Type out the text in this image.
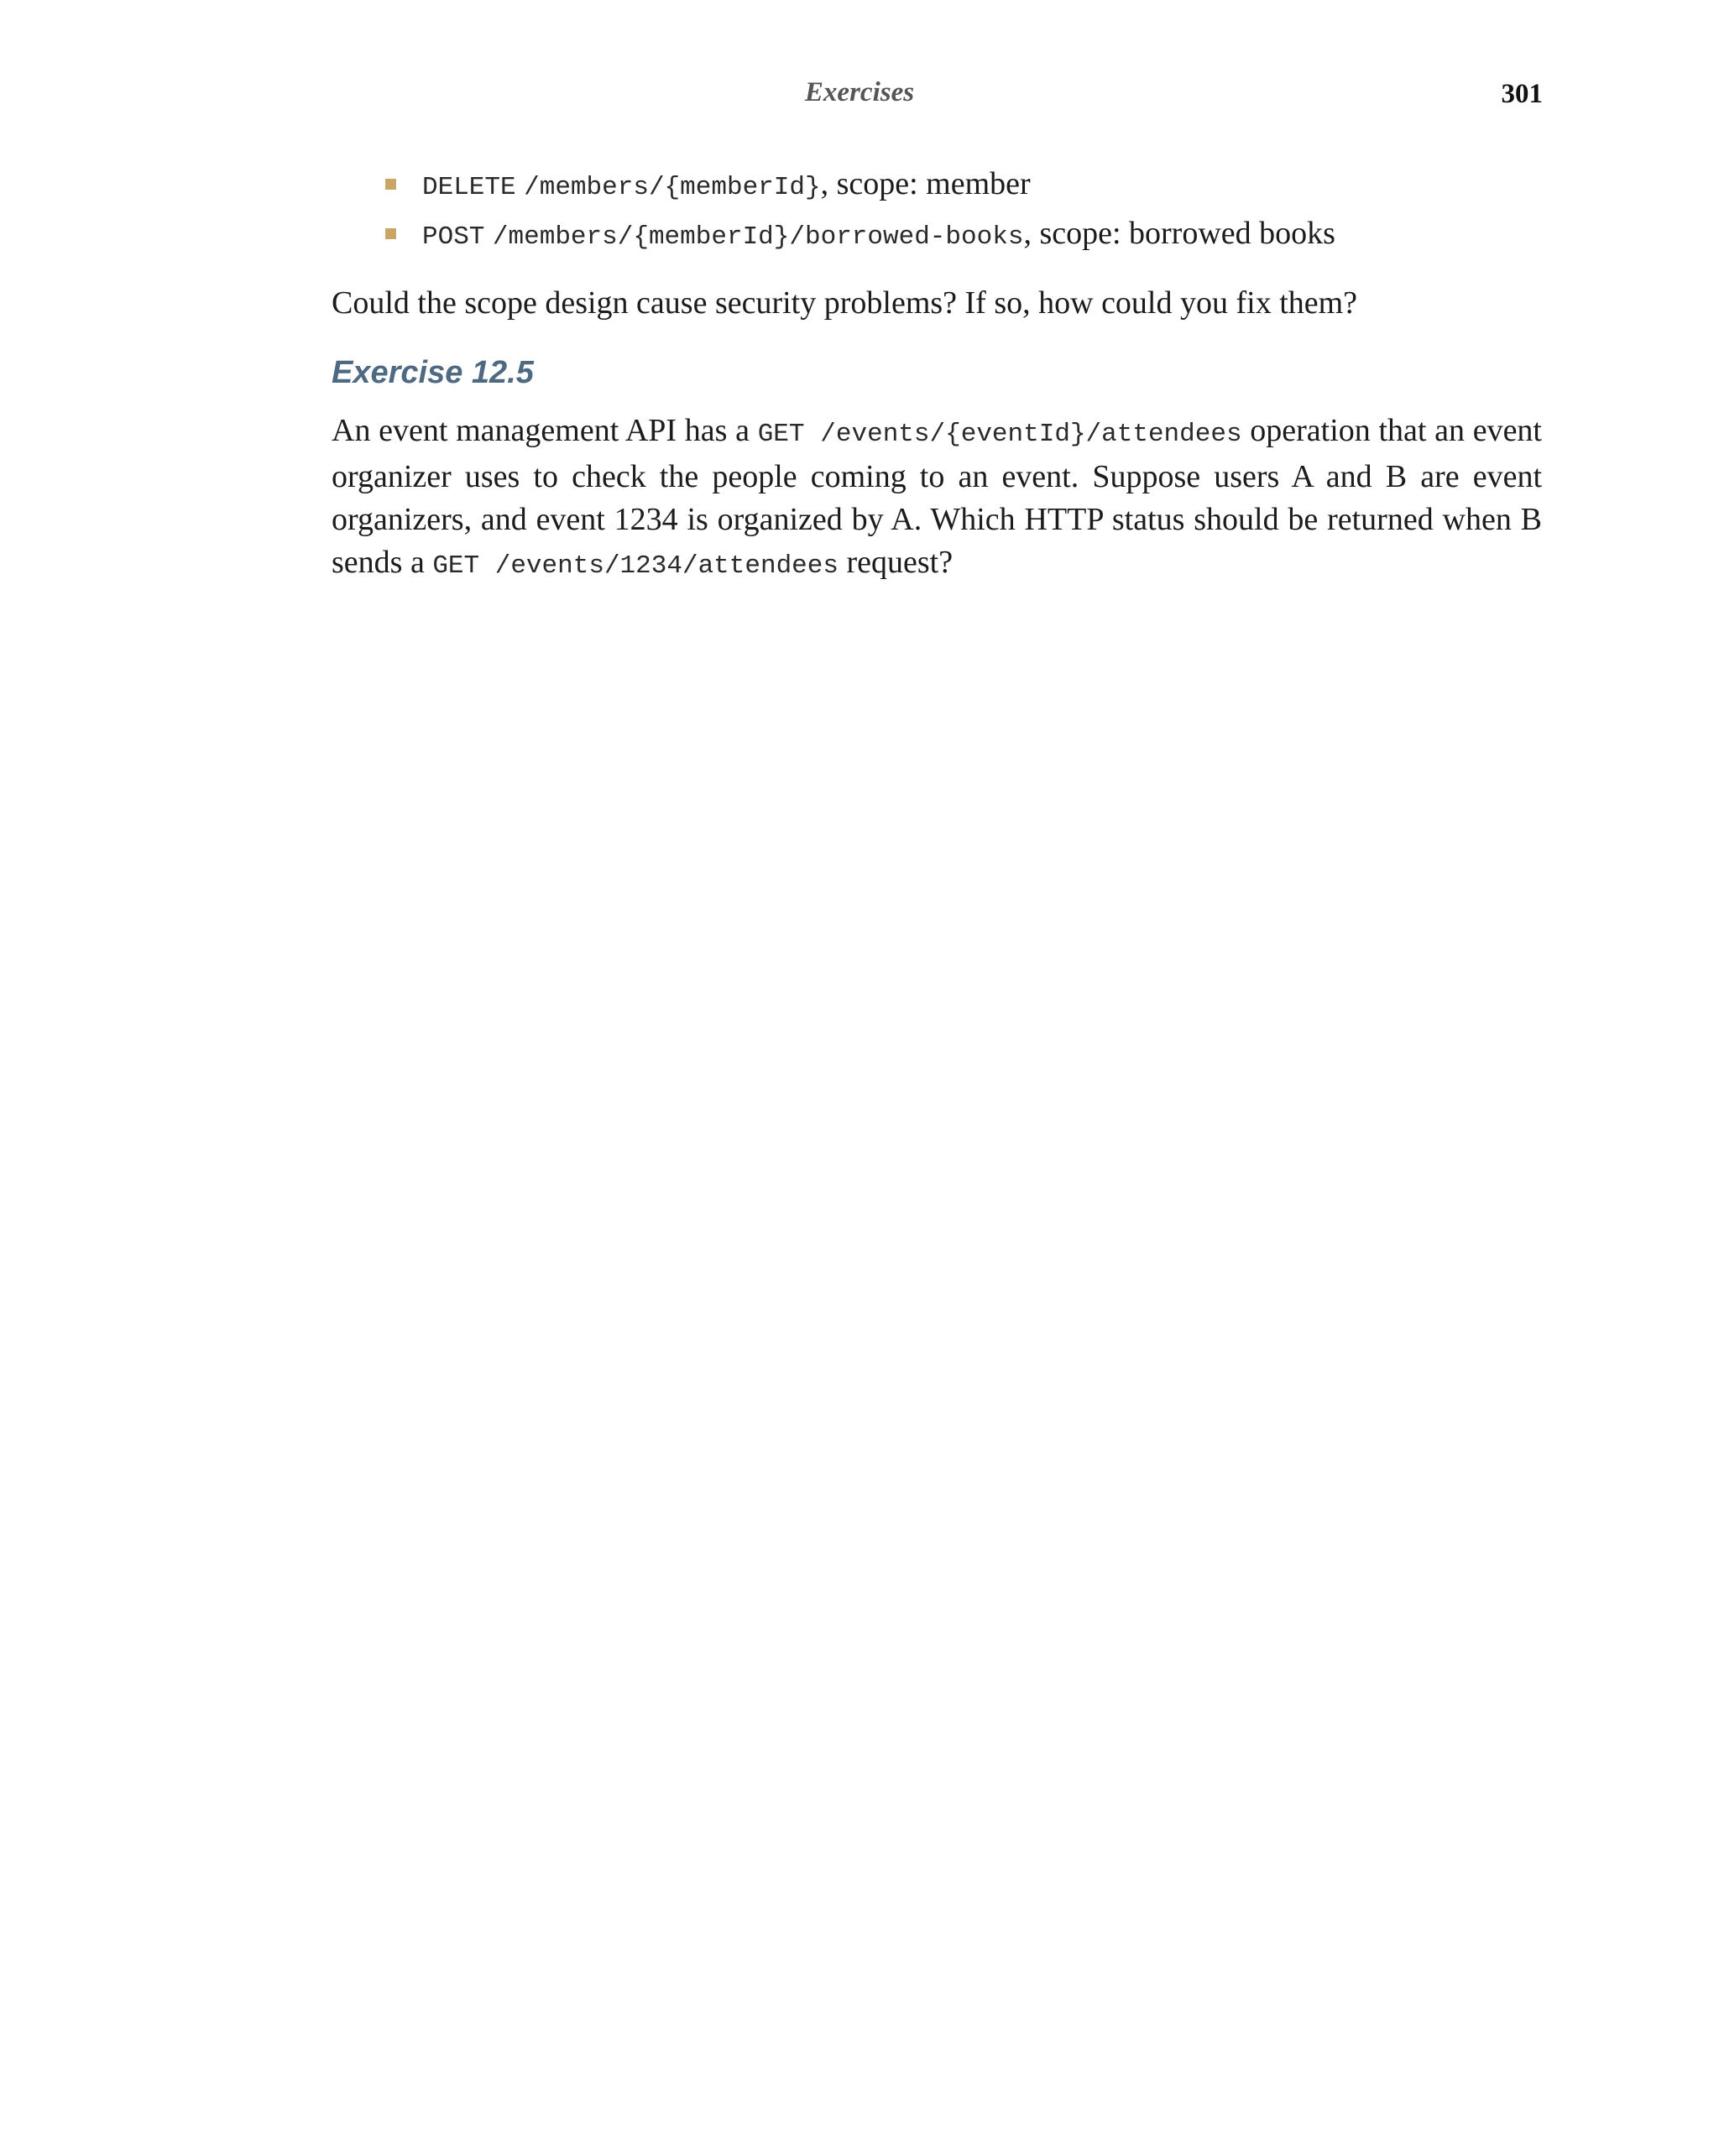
Exercises	301
DELETE /members/{memberId}, scope: member
POST /members/{memberId}/borrowed-books, scope: borrowed books

Could the scope design cause security problems? If so, how could you fix them?

Exercise 12.5

An event management API has a GET /events/{eventId}/attendees operation that an event organizer uses to check the people coming to an event. Suppose users A and B are event organizers, and event 1234 is organized by A. Which HTTP status should be returned when B sends a GET /events/1234/attendees request?
